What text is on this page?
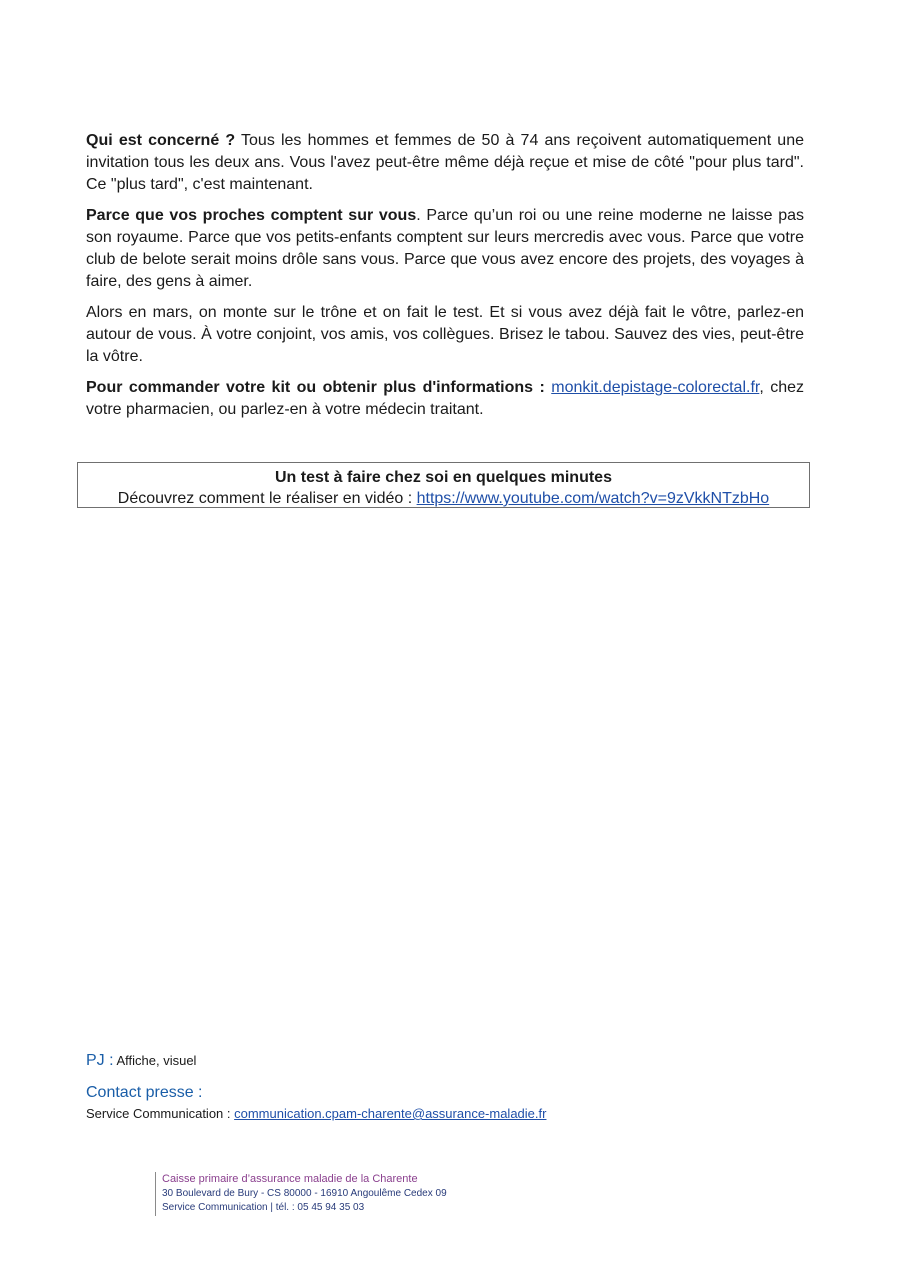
Qui est concerné ? Tous les hommes et femmes de 50 à 74 ans reçoivent automatiquement une invitation tous les deux ans. Vous l'avez peut-être même déjà reçue et mise de côté "pour plus tard". Ce "plus tard", c'est maintenant.

Parce que vos proches comptent sur vous. Parce qu’un roi ou une reine moderne ne laisse pas son royaume. Parce que vos petits-enfants comptent sur leurs mercredis avec vous. Parce que votre club de belote serait moins drôle sans vous. Parce que vous avez encore des projets, des voyages à faire, des gens à aimer.

Alors en mars, on monte sur le trône et on fait le test. Et si vous avez déjà fait le vôtre, parlez-en autour de vous. À votre conjoint, vos amis, vos collègues. Brisez le tabou. Sauvez des vies, peut-être la vôtre.

Pour commander votre kit ou obtenir plus d'informations : monkit.depistage-colorectal.fr, chez votre pharmacien, ou parlez-en à votre médecin traitant.

Un test à faire chez soi en quelques minutes
Découvrez comment le réaliser en vidéo : https://www.youtube.com/watch?v=9zVkkNTzbHo
PJ : Affiche, visuel
Contact presse :
Service Communication : communication.cpam-charente@assurance-maladie.fr
Caisse primaire d’assurance maladie de la Charente
30 Boulevard de Bury - CS 80000 - 16910 Angoulême Cedex 09
Service Communication | tél. : 05 45 94 35 03
